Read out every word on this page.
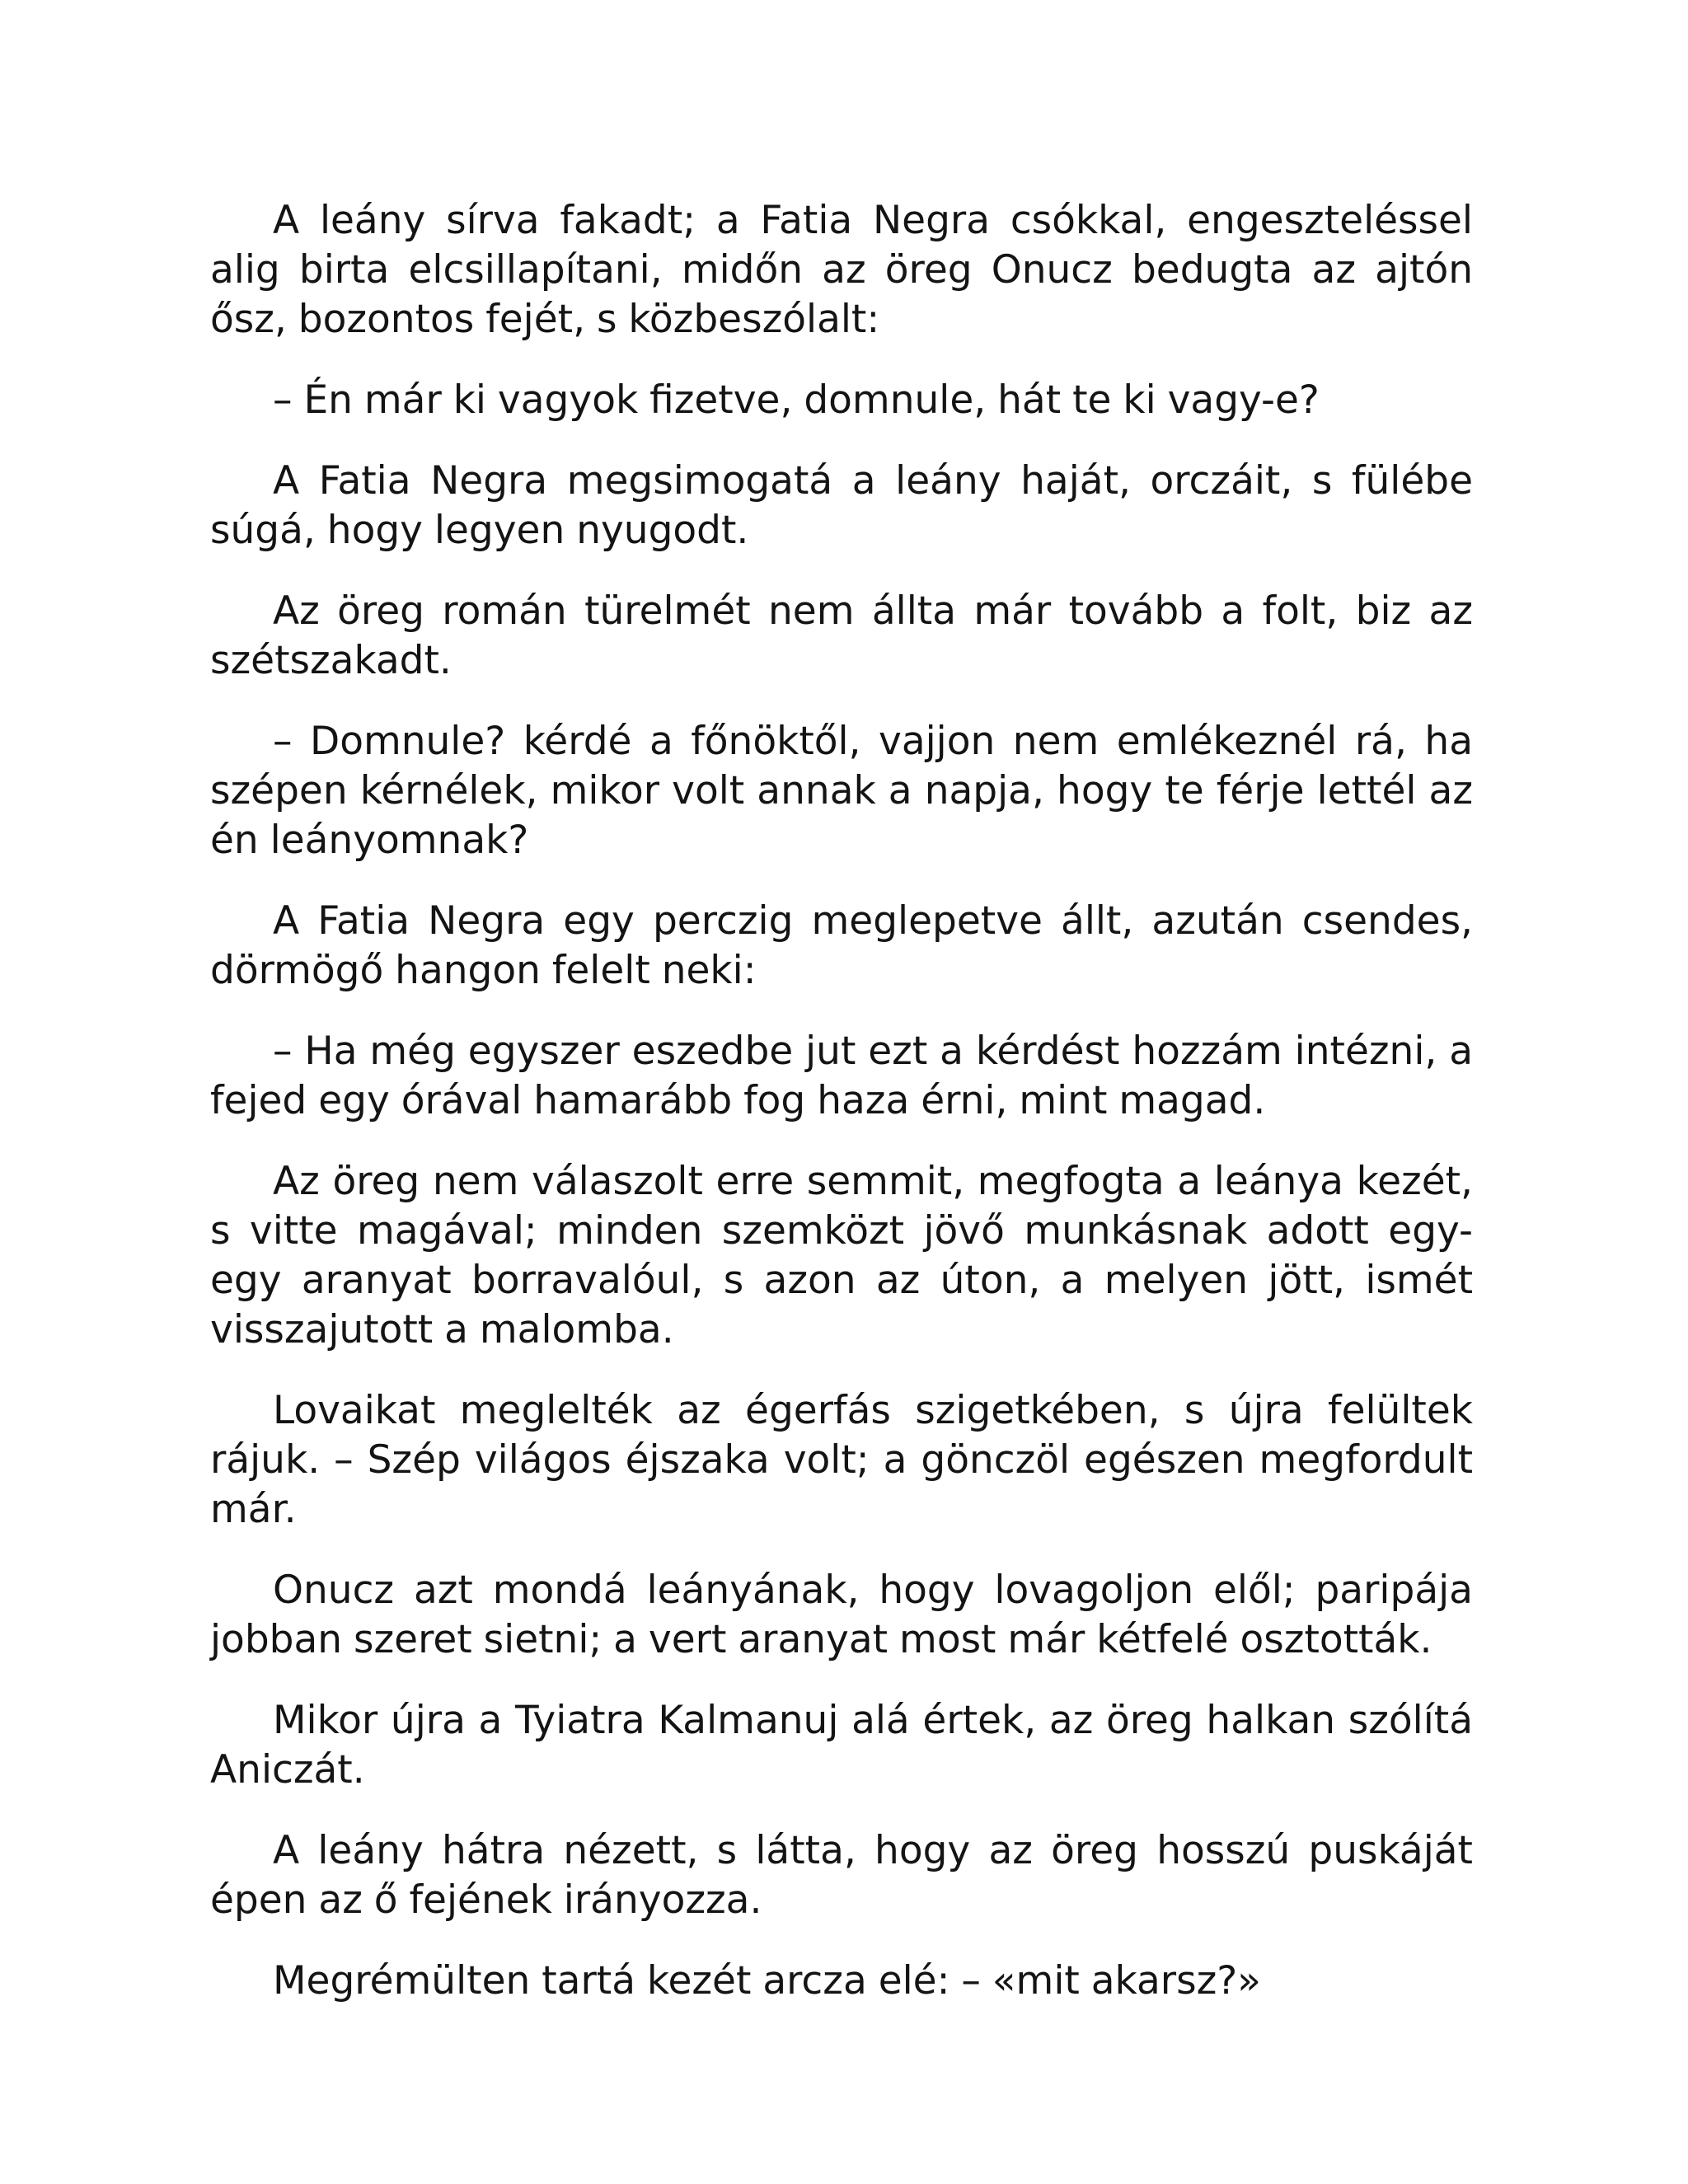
A leány sírva fakadt; a Fatia Negra csókkal, engeszteléssel alig birta elcsillapítani, midőn az öreg Onucz bedugta az ajtón ősz, bozontos fejét, s közbeszólalt:

– Én már ki vagyok fizetve, domnule, hát te ki vagy-e?

A Fatia Negra megsimogatá a leány haját, orczáit, s fülébe súgá, hogy legyen nyugodt.

Az öreg román türelmét nem állta már tovább a folt, biz az szétszakadt.

– Domnule? kérdé a főnöktől, vajjon nem emlékeznél rá, ha szépen kérnélek, mikor volt annak a napja, hogy te férje lettél az én leányomnak?

A Fatia Negra egy perczig meglepetve állt, azután csendes, dörmögő hangon felelt neki:

– Ha még egyszer eszedbe jut ezt a kérdést hozzám intézni, a fejed egy órával hamarább fog haza érni, mint magad.

Az öreg nem válaszolt erre semmit, megfogta a leánya kezét, s vitte magával; minden szemközt jövő munkásnak adott egy-egy aranyat borravalóul, s azon az úton, a melyen jött, ismét visszajutott a malomba.

Lovaikat meglelték az égerfás szigetkében, s újra felültek rájuk. – Szép világos éjszaka volt; a gönczöl egészen megfordult már.

Onucz azt mondá leányának, hogy lovagoljon elől; paripája jobban szeret sietni; a vert aranyat most már kétfelé osztották.

Mikor újra a Tyiatra Kalmanuj alá értek, az öreg halkan szólítá Aniczát.

A leány hátra nézett, s látta, hogy az öreg hosszú puskáját épen az ő fejének irányozza.

Megrémülten tartá kezét arcza elé: – «mit akarsz?»
